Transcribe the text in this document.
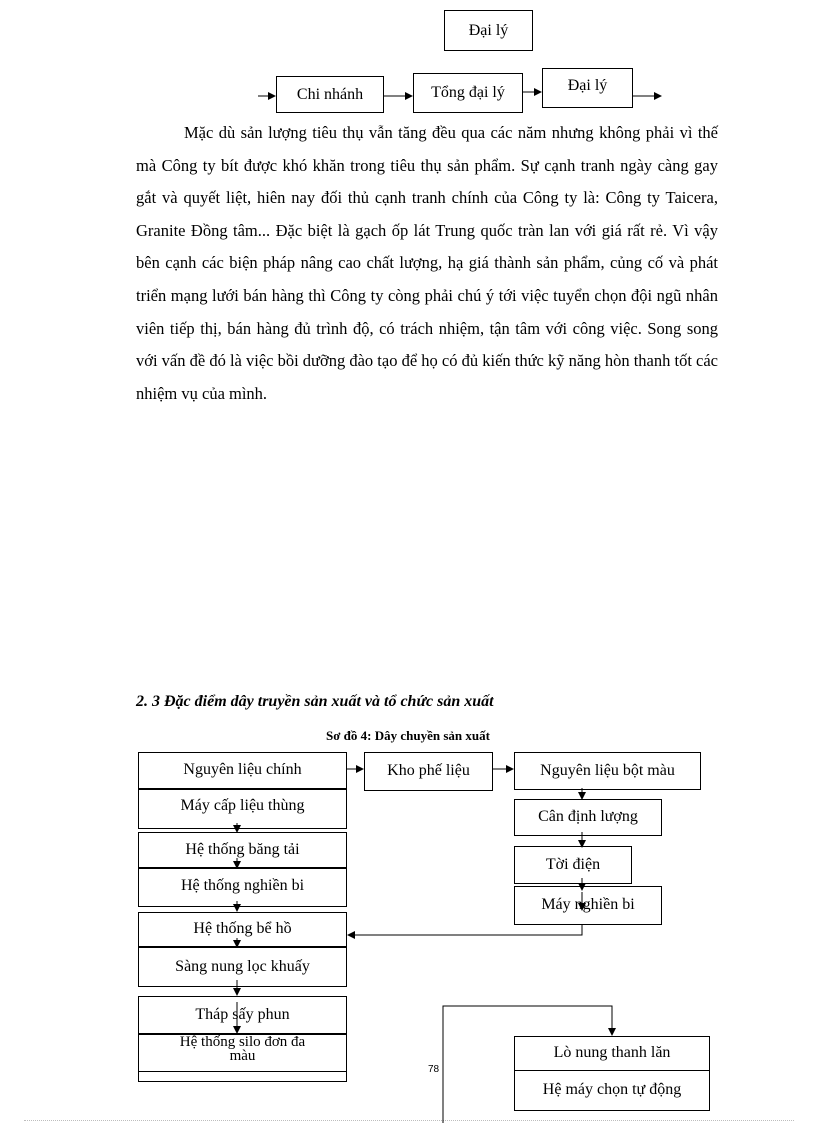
Đại lý
Chi nhánh	Tổng đại lý	Đại lý

Mặc dù sản lượng tiêu thụ vẫn tăng đều qua các năm nhưng không phải vì thế mà Công ty bít được khó khăn trong tiêu thụ sản phẩm. Sự cạnh tranh ngày càng gay gắt và quyết liệt, hiên nay đối thủ cạnh tranh chính của Công ty là: Công ty Taicera, Granite Đồng tâm... Đặc biệt là gạch ốp lát Trung quốc tràn lan với giá rất rẻ. Vì vậy bên cạnh các biện pháp nâng cao chất lượng, hạ giá thành sản phẩm, củng cố và phát triển mạng lưới bán hàng thì Công ty còng phải chú ý tới việc tuyển chọn đội ngũ nhân viên tiếp thị, bán hàng đủ trình độ, có trách nhiệm, tận tâm với công việc. Song song với vấn đề đó là việc bồi dưỡng đào tạo để họ có đủ kiến thức kỹ năng hòn thanh tốt các nhiệm vụ của mình.

2. 3 Đặc điểm dây truyền sản xuất và tổ chức sản xuất
Sơ đồ 4: Dây chuyền sản xuất
Nguyên liệu chính
Máy cấp liệu thùng
Hệ thống băng tải
Hệ thống nghiền bi
Hệ thống bể hồ
Sàng nung lọc khuấy
Tháp sấy phun
Hệ thống silo đơn đa màu
Kho phế liệu	Nguyên liệu bột màu
Cân định lượng
Tời điện
Máy nghiền bi
Lò nung thanh lăn
Hệ máy chọn tự động
78
